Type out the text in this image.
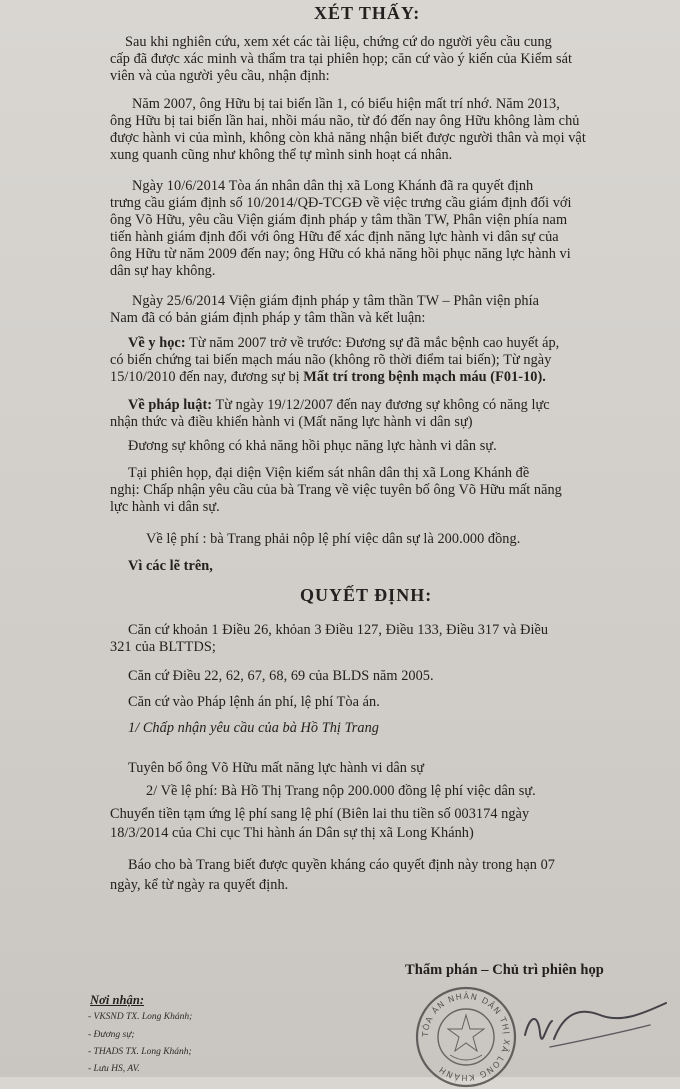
XÉT THẤY:
Sau khi nghiên cứu, xem xét các tài liệu, chứng cứ do người yêu cầu cung
cấp đã được xác minh và thẩm tra tại phiên họp; căn cứ vào ý kiến của Kiểm sát
viên và của người yêu cầu, nhận định:
Năm 2007, ông Hữu bị tai biến lần 1, có biểu hiện mất trí nhớ. Năm 2013,
ông Hữu bị tai biến lần hai, nhồi máu não, từ đó đến nay ông Hữu không làm chủ
được hành vi của mình, không còn khả năng nhận biết được người thân và mọi vật
xung quanh cũng như không thể tự mình sinh hoạt cá nhân.
Ngày 10/6/2014 Tòa án nhân dân thị xã Long Khánh đã ra quyết định
trưng cầu giám định số 10/2014/QĐ-TCGĐ về việc trưng cầu giám định đối với
ông Võ Hữu, yêu cầu Viện giám định pháp y tâm thần TW, Phân viện phía nam
tiến hành giám định đối với ông Hữu để xác định năng lực hành vi dân sự của
ông Hữu từ năm 2009 đến nay; ông Hữu có khả năng hồi phục năng lực hành vi
dân sự hay không.
Ngày 25/6/2014 Viện giám định pháp y tâm thần TW – Phân viện phía
Nam đã có bản giám định pháp y tâm thần và kết luận:
Về y học: Từ năm 2007 trở về trước: Đương sự đã mắc bệnh cao huyết áp,
có biến chứng tai biến mạch máu não (không rõ thời điểm tai biến); Từ ngày
15/10/2010 đến nay, đương sự bị Mất trí trong bệnh mạch máu (F01-10).
Về pháp luật: Từ ngày 19/12/2007 đến nay đương sự không có năng lực
nhận thức và điều khiển hành vi (Mất năng lực hành vi dân sự)
Đương sự không có khả năng hồi phục năng lực hành vi dân sự.
Tại phiên họp, đại diện Viện kiểm sát nhân dân thị xã Long Khánh đề
nghị: Chấp nhận yêu cầu của bà Trang về việc tuyên bố ông Võ Hữu mất năng
lực hành vi dân sự.
Về lệ phí : bà Trang phải nộp lệ phí việc dân sự là 200.000 đồng.
Vì các lẽ trên,
QUYẾT ĐỊNH:
Căn cứ khoản 1 Điều 26, khỏan 3 Điều 127, Điều 133, Điều 317 và Điều
321 của BLTTDS;
Căn cứ Điều 22, 62, 67, 68, 69 của BLDS năm 2005.
Căn cứ vào Pháp lệnh án phí, lệ phí Tòa án.
1/ Chấp nhận yêu cầu của bà Hồ Thị Trang
Tuyên bố ông Võ Hữu mất năng lực hành vi dân sự
2/ Về lệ phí: Bà Hồ Thị Trang nộp 200.000 đồng lệ phí việc dân sự.
Chuyển tiền tạm ứng lệ phí sang lệ phí (Biên lai thu tiền số 003174 ngày
18/3/2014 của Chi cục Thi hành án Dân sự thị xã Long Khánh)
Báo cho bà Trang biết được quyền kháng cáo quyết định này trong hạn 07
ngày, kể từ ngày ra quyết định.
Thẩm phán – Chủ trì phiên họp
Nơi nhận:
- VKSND TX. Long Khánh;
- Đương sự;
- THADS TX. Long Khánh;
- Lưu HS, AV.
TÒA ÁN NHÂN DÂN THỊ XÃ LONG KHÁNH
